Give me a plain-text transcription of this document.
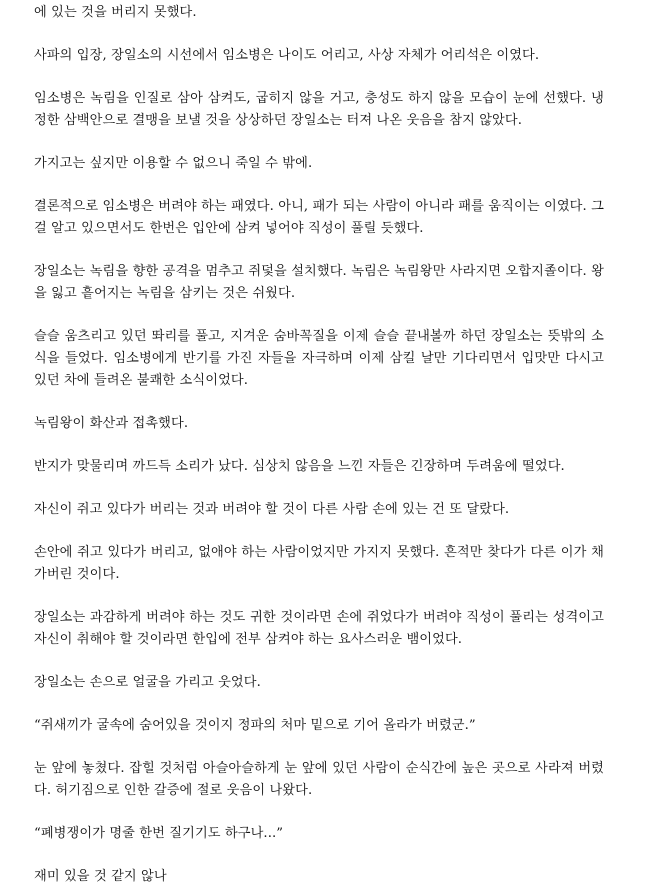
에 있는 것을 버리지 못했다.

사파의 입장, 장일소의 시선에서 임소병은 나이도 어리고, 사상 자체가 어리석은 이였다.

임소병은 녹림을 인질로 삼아 삼켜도, 굽히지 않을 거고, 충성도 하지 않을 모습이 눈에 선했다. 냉정한 삼백안으로 결맹을 보낼 것을 상상하던 장일소는 터져 나온 웃음을 참지 않았다.

가지고는 싶지만 이용할 수 없으니 죽일 수 밖에.

결론적으로 임소병은 버려야 하는 패였다. 아니, 패가 되는 사람이 아니라 패를 움직이는 이였다. 그걸 알고 있으면서도 한번은 입안에 삼켜 넣어야 직성이 풀릴 듯했다.

장일소는 녹림을 향한 공격을 멈추고 쥐덫을 설치했다. 녹림은 녹림왕만 사라지면 오합지졸이다. 왕을 잃고 흩어지는 녹림을 삼키는 것은 쉬웠다.

슬슬 움츠리고 있던 똬리를 풀고, 지겨운 숨바꼭질을 이제 슬슬 끝내볼까 하던 장일소는 뜻밖의 소식을 들었다. 임소병에게 반기를 가진 자들을 자극하며 이제 삼킬 날만 기다리면서 입맛만 다시고 있던 차에 들려온 불쾌한 소식이었다.

녹림왕이 화산과 접촉했다.

반지가 맞물리며 까드득 소리가 났다. 심상치 않음을 느낀 자들은 긴장하며 두려움에 떨었다.

자신이 쥐고 있다가 버리는 것과 버려야 할 것이 다른 사람 손에 있는 건 또 달랐다.

손안에 쥐고 있다가 버리고, 없애야 하는 사람이었지만 가지지 못했다. 흔적만 찾다가 다른 이가 채가버린 것이다.

장일소는 과감하게 버려야 하는 것도 귀한 것이라면 손에 쥐었다가 버려야 직성이 풀리는 성격이고 자신이 취해야 할 것이라면 한입에 전부 삼켜야 하는 요사스러운 뱀이었다.

장일소는 손으로 얼굴을 가리고 웃었다.

“쥐새끼가 굴속에 숨어있을 것이지 정파의 처마 밑으로 기어 올라가 버렸군.”

눈 앞에 놓쳤다. 잡힐 것처럼 아슬아슬하게 눈 앞에 있던 사람이 순식간에 높은 곳으로 사라져 버렸다. 허기짐으로 인한 갈증에 절로 웃음이 나왔다.

“폐병쟁이가 명줄 한번 질기기도 하구나...”

재미 있을 것 같지 않나
